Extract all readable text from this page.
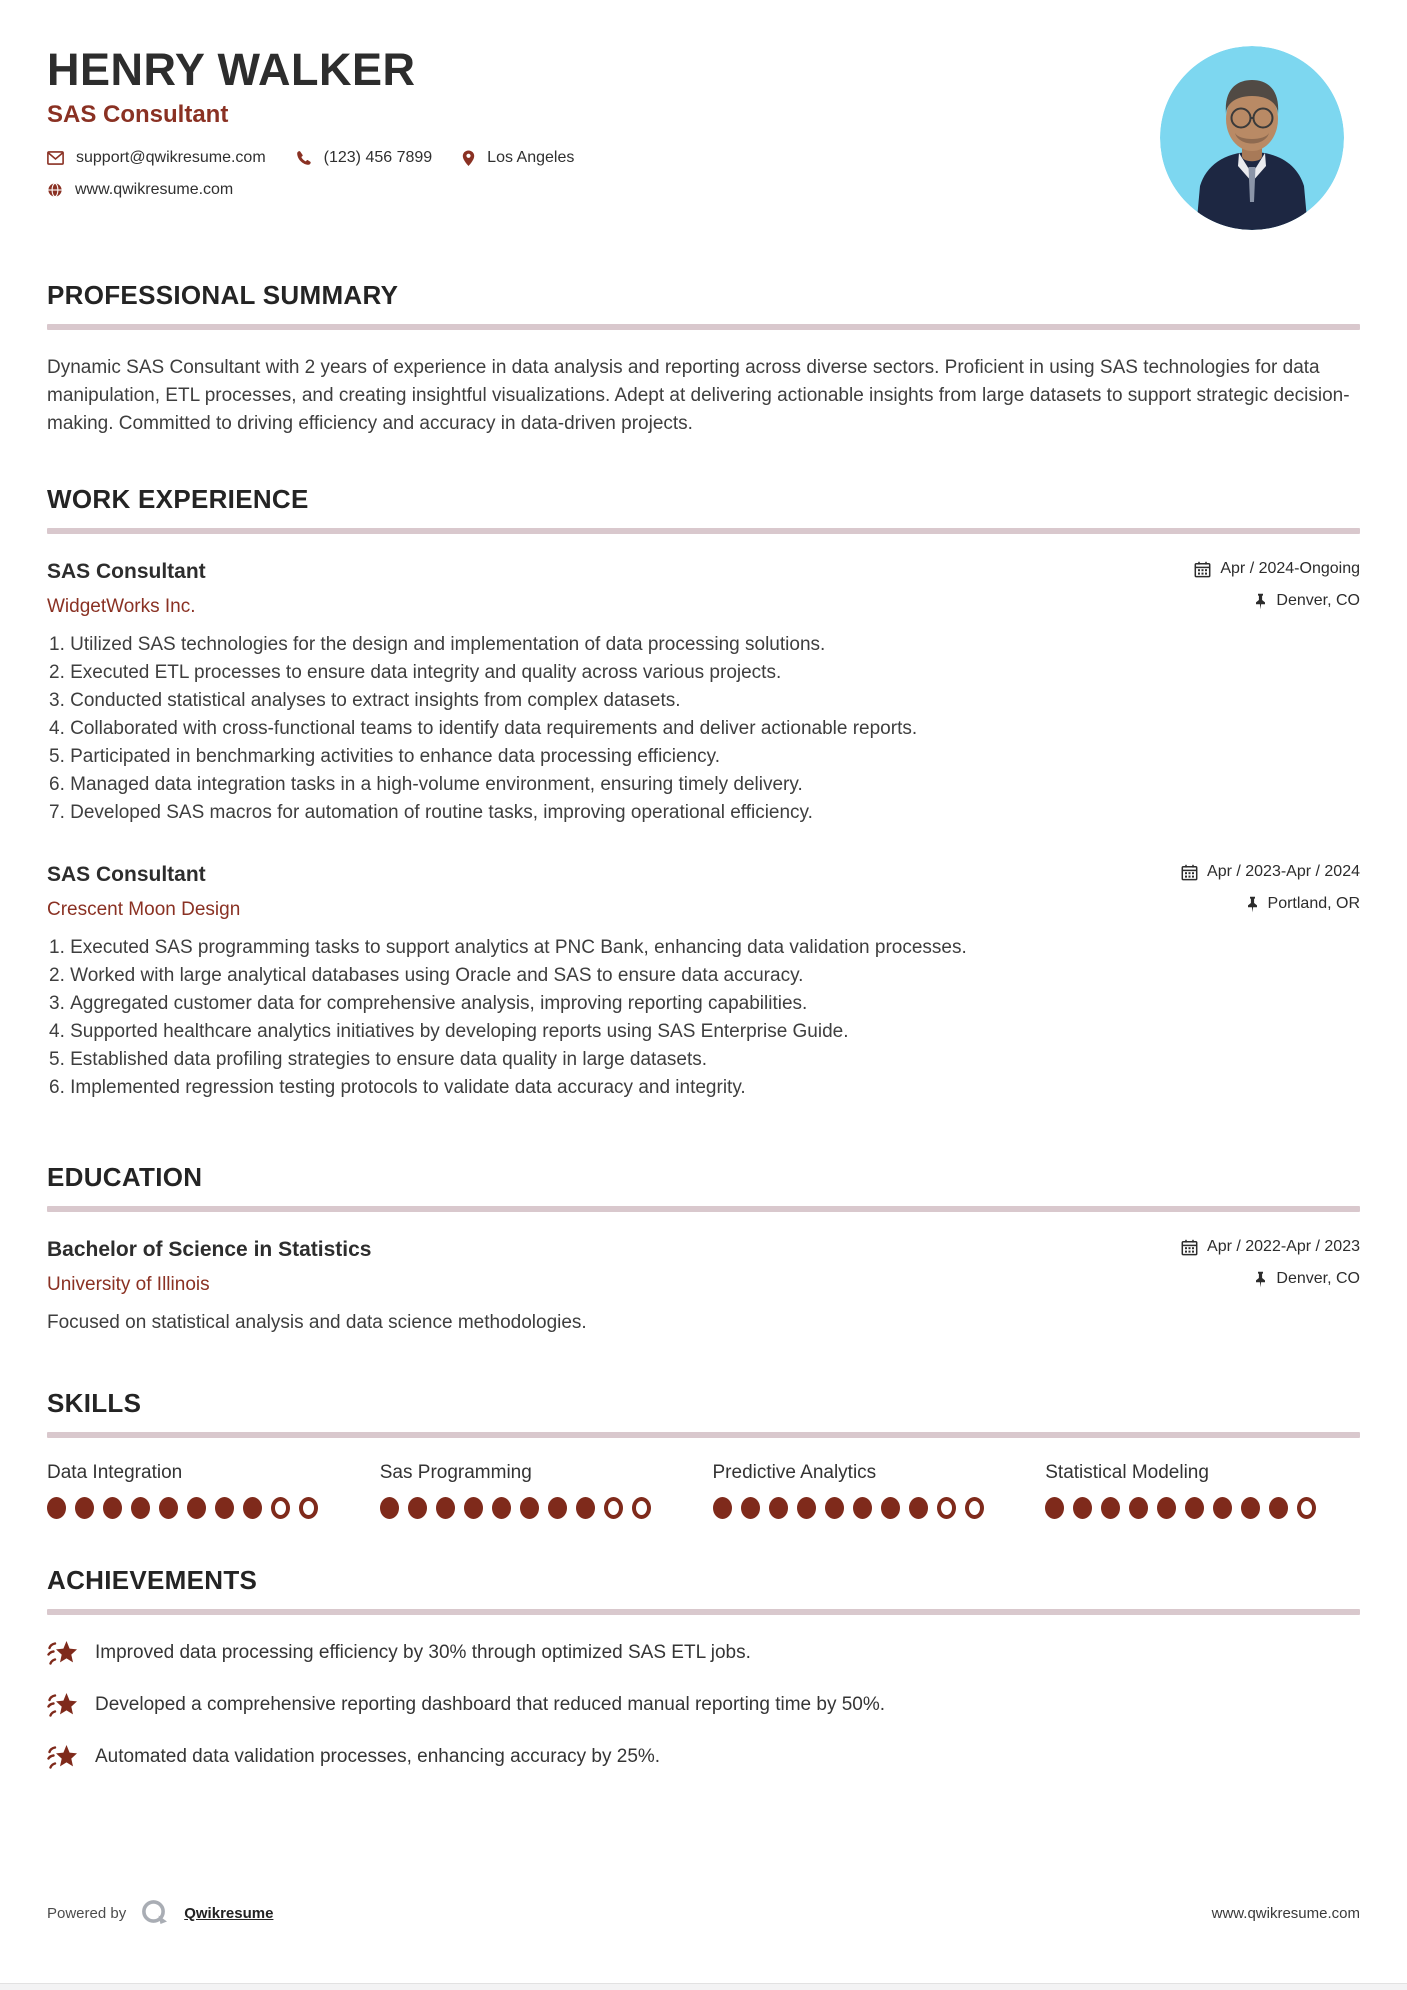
HENRY WALKER
SAS Consultant
support@qwikresume.com	(123) 456 7899	Los Angeles
www.qwikresume.com
PROFESSIONAL SUMMARY

Dynamic SAS Consultant with 2 years of experience in data analysis and reporting across diverse sectors. Proficient in using SAS technologies for data manipulation, ETL processes, and creating insightful visualizations. Adept at delivering actionable insights from large datasets to support strategic decision-making. Committed to driving efficiency and accuracy in data-driven projects.

WORK EXPERIENCE
SAS Consultant
WidgetWorks Inc.
Apr / 2024-Ongoing
Denver, CO
1. Utilized SAS technologies for the design and implementation of data processing solutions.
2. Executed ETL processes to ensure data integrity and quality across various projects.
3. Conducted statistical analyses to extract insights from complex datasets.
4. Collaborated with cross-functional teams to identify data requirements and deliver actionable reports.
5. Participated in benchmarking activities to enhance data processing efficiency.
6. Managed data integration tasks in a high-volume environment, ensuring timely delivery.
7. Developed SAS macros for automation of routine tasks, improving operational efficiency.
SAS Consultant
Crescent Moon Design
Apr / 2023-Apr / 2024
Portland, OR
1. Executed SAS programming tasks to support analytics at PNC Bank, enhancing data validation processes.
2. Worked with large analytical databases using Oracle and SAS to ensure data accuracy.
3. Aggregated customer data for comprehensive analysis, improving reporting capabilities.
4. Supported healthcare analytics initiatives by developing reports using SAS Enterprise Guide.
5. Established data profiling strategies to ensure data quality in large datasets.
6. Implemented regression testing protocols to validate data accuracy and integrity.
EDUCATION
Bachelor of Science in Statistics
University of Illinois
Apr / 2022-Apr / 2023
Denver, CO

Focused on statistical analysis and data science methodologies.

SKILLS
Data Integration	Sas Programming	Predictive Analytics	Statistical Modeling
ACHIEVEMENTS
Improved data processing efficiency by 30% through optimized SAS ETL jobs.
Developed a comprehensive reporting dashboard that reduced manual reporting time by 50%.
Automated data validation processes, enhancing accuracy by 25%.
Powered by	Qwikresume	www.qwikresume.com
